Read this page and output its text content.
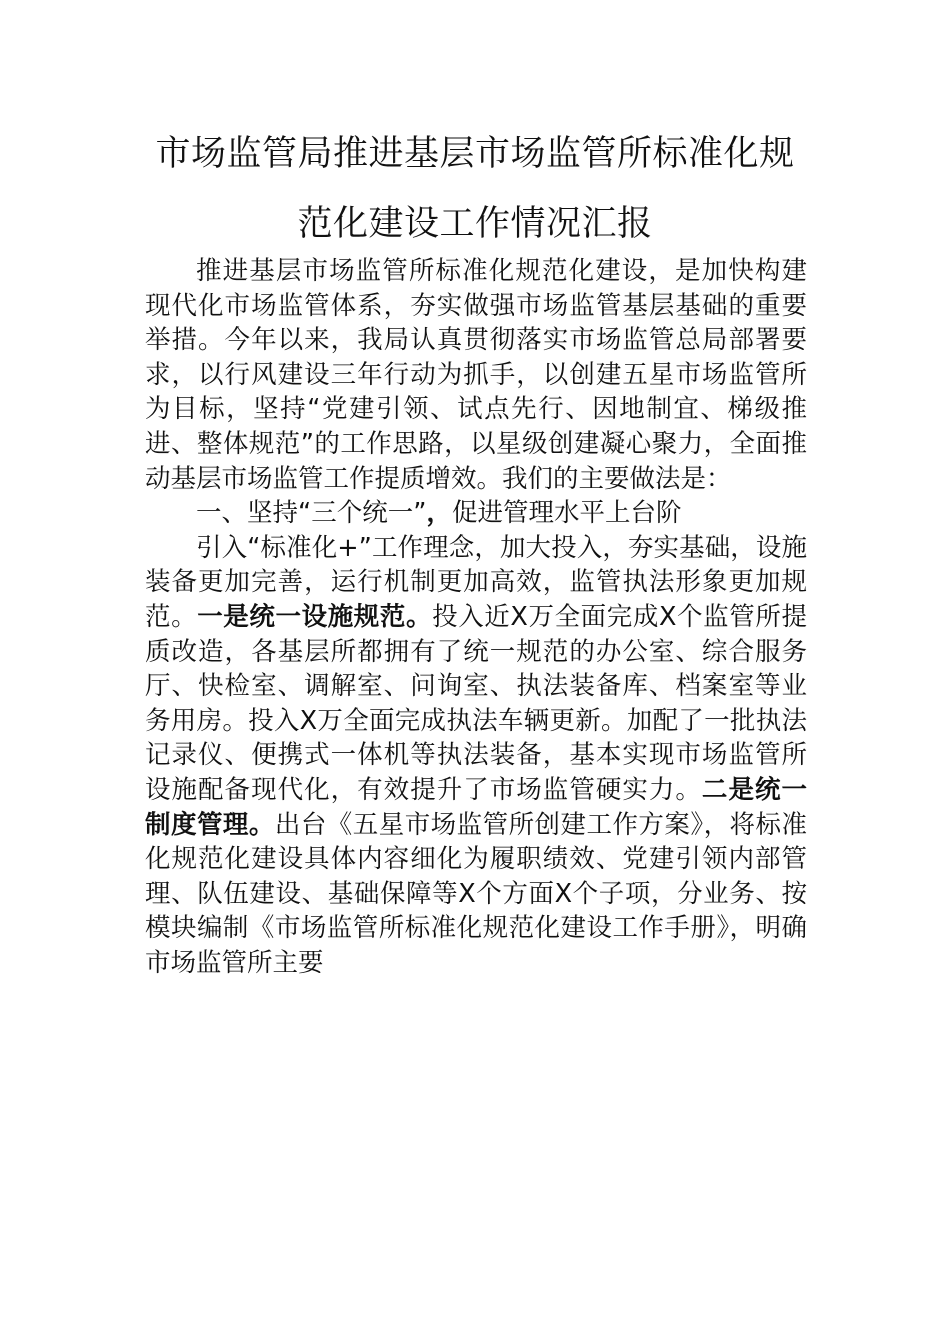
市场监管局推进基层市场监管所标准化规
范化建设工作情况汇报

推进基层市场监管所标准化规范化建设，是加快构建现代化市场监管体系，夯实做强市场监管基层基础的重要举措。今年以来，我局认真贯彻落实市场监管总局部署要求，以行风建设三年行动为抓手，以创建五星市场监管所为目标，坚持“党建引领、试点先行、因地制宜、梯级推进、整体规范”的工作思路，以星级创建凝心聚力，全面推动基层市场监管工作提质增效。我们的主要做法是：

一、坚持“三个统一”，促进管理水平上台阶

引入“标准化+”工作理念，加大投入，夯实基础，设施装备更加完善，运行机制更加高效，监管执法形象更加规范。一是统一设施规范。投入近X万全面完成X个监管所提质改造，各基层所都拥有了统一规范的办公室、综合服务厅、快检室、调解室、问询室、执法装备库、档案室等业务用房。投入X万全面完成执法车辆更新。加配了一批执法记录仪、便携式一体机等执法装备，基本实现市场监管所设施配备现代化，有效提升了市场监管硬实力。二是统一制度管理。出台《五星市场监管所创建工作方案》，将标准化规范化建设具体内容细化为履职绩效、党建引领内部管理、队伍建设、基础保障等X个方面X个子项，分业务、按模块编制《市场监管所标准化规范化建设工作手册》，明确市场监管所主要
